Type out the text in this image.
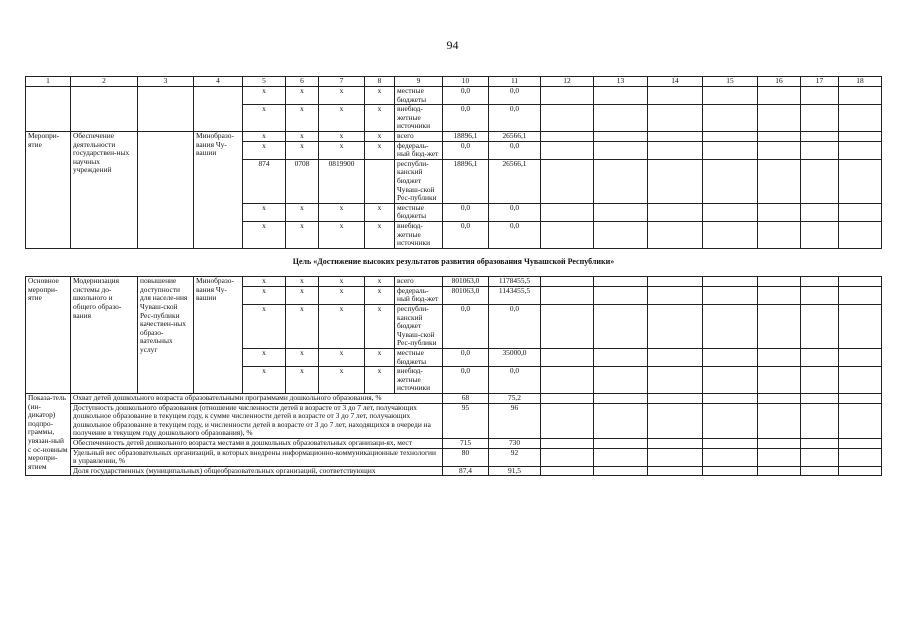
94
1	2	3	4	5	6	7	8	9	10	11	12	13	14	15	16	17	18
				х	х	х	х	местные бюджеты	0,0	0,0							
				х	х	х	х	внебюд-жетные источники	0,0	0,0							
Меропри-ятие	Обеспечение деятельности государствен-ных научных учреждений		Минобразо-вания Чу-вашии	х	х	х	х	всего	18896,1	26566,1							
				х	х	х	х	федераль-ный бюд-жет	0,0	0,0							
				874	0708	0819900		республи-канский бюджет Чуваш-ской Рес-публики	18896,1	26566,1							
				х	х	х	х	местные бюджеты	0,0	0,0							
				х	х	х	х	внебюд-жетные источники	0,0	0,0							
Цель «Достижение высоких результатов развития образования Чувашской Республики»																	
Основное меропри-ятие	Модернизация системы до-школьного и общего образо-вания	повышение доступности для населе-ния Чуваш-ской Рес-публики качествен-ных образо-вательных услуг	Минобразо-вания Чу-вашии	х	х	х	х	всего	801063,0	1178455,5							
				х	х	х	х	федераль-ный бюд-жет	801063,0	1143455,5							
				х	х	х	х	республи-канский бюджет Чуваш-ской Рес-публики	0,0	0,0							
				х	х	х	х	местные бюджеты	0,0	35000,0							
				х	х	х	х	внебюд-жетные источники	0,0	0,0							
Показа-тель (ин-дикатор) подпро-граммы, увязан-ный с ос-новным меропри-ятием	Охват детей дошкольного возраста образовательными программами дошкольного образования, %								68	75,2							
	Доступность дошкольного образования (отношение численности детей в возрасте от 3 до 7 лет, получающих дошкольное образование в текущем году, к сумме численности детей в возрасте от 3 до 7 лет, получающих дошкольное образование в текущем году, и численности детей в возрасте от 3 до 7 лет, находящихся в очереди на получение в текущем году дошкольного образования), %								95	96							
	Обеспеченность детей дошкольного возраста местами в дошкольных образовательных организаци-ях, мест								715	730							
	Удельный вес образовательных организаций, в которых внедрены информационно-коммуникационные технологии в управлении, %								80	92							
	Доля государственных (муниципальных) общеобразовательных организаций, соответствующих								87,4	91,5							
